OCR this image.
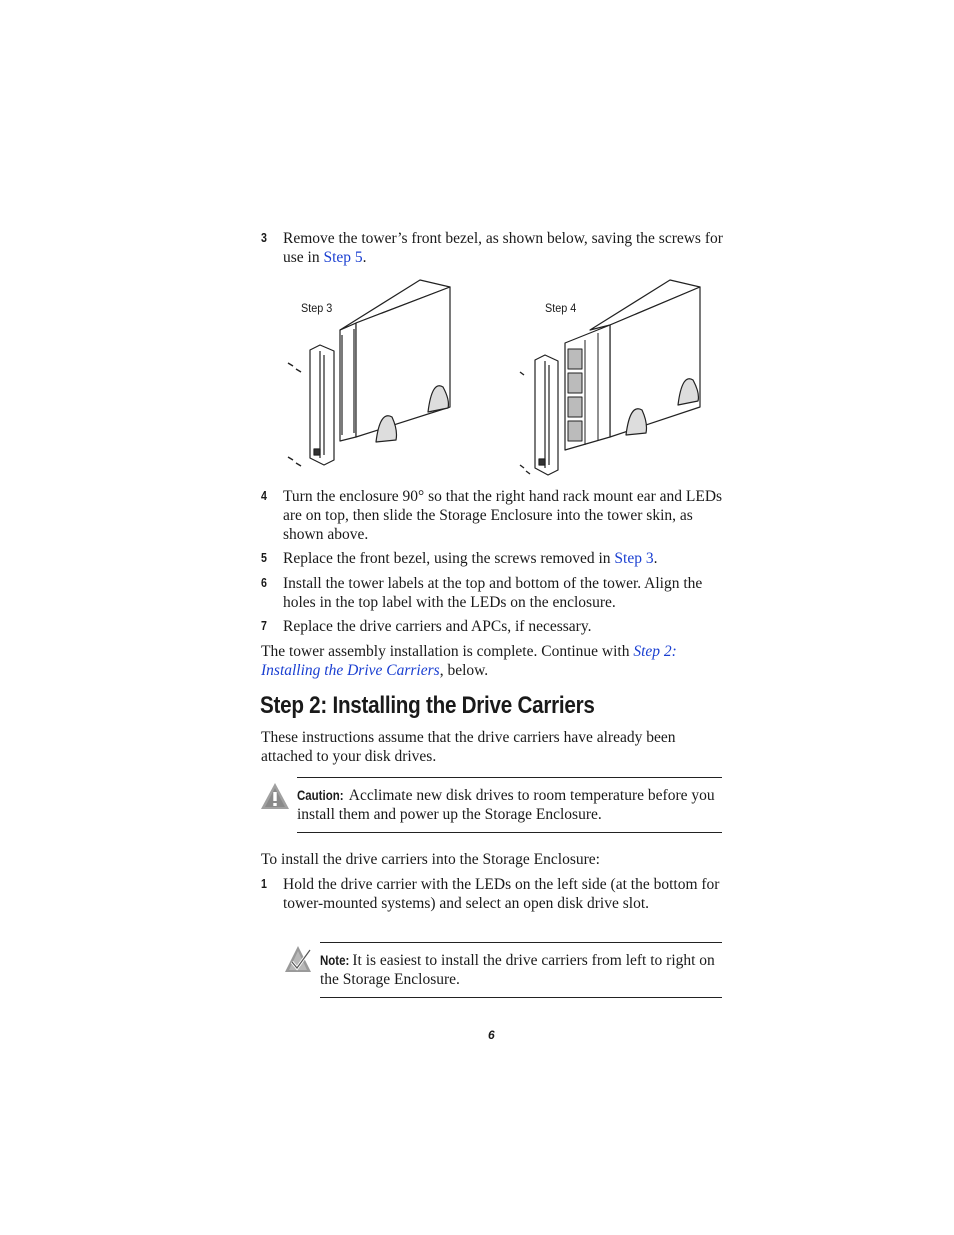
3 Remove the tower’s front bezel, as shown below, saving the screws for use in Step 5.
Step 3	Step 4
4 Turn the enclosure 90° so that the right hand rack mount ear and LEDs are on top, then slide the Storage Enclosure into the tower skin, as shown above.
5 Replace the front bezel, using the screws removed in Step 3.
6 Install the tower labels at the top and bottom of the tower. Align the holes in the top label with the LEDs on the enclosure.
7 Replace the drive carriers and APCs, if necessary.
The tower assembly installation is complete. Continue with Step 2:
Installing the Drive Carriers, below.
Step 2: Installing the Drive Carriers
These instructions assume that the drive carriers have already been attached to your disk drives.
Caution: Acclimate new disk drives to room temperature before you install them and power up the Storage Enclosure.
To install the drive carriers into the Storage Enclosure:
1 Hold the drive carrier with the LEDs on the left side (at the bottom for tower-mounted systems) and select an open disk drive slot.
Note: It is easiest to install the drive carriers from left to right on the Storage Enclosure.
6
